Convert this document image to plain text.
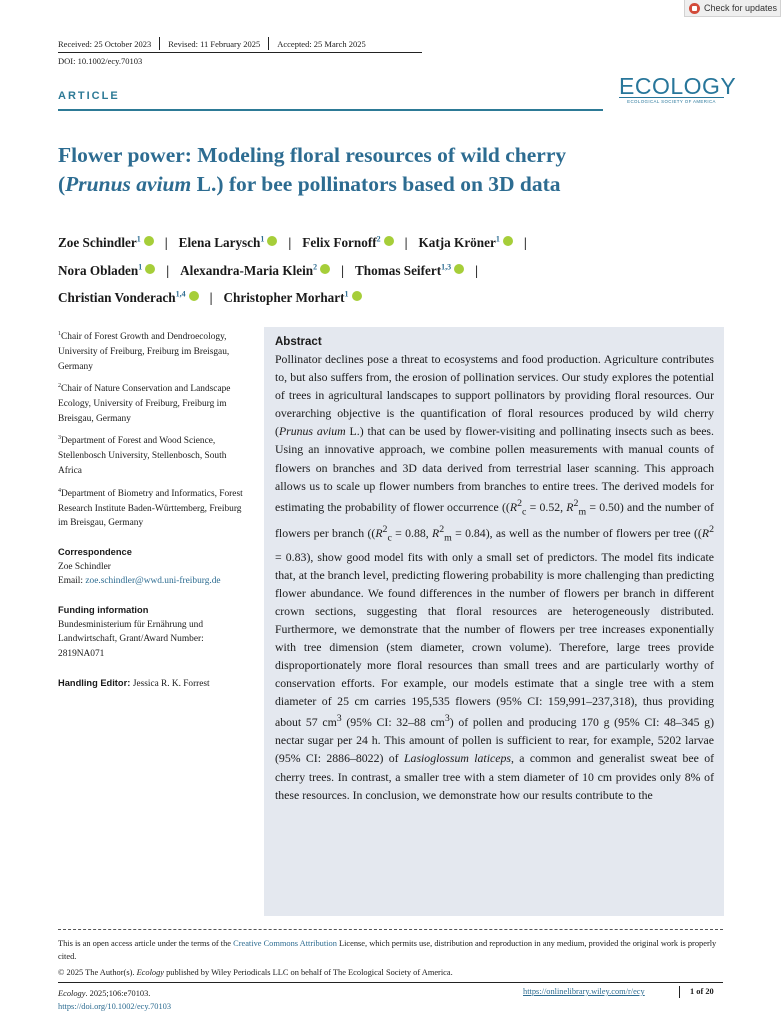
Check for updates
Received: 25 October 2023 Revised: 11 February 2025 Accepted: 25 March 2025
DOI: 10.1002/ecy.70103
ARTICLE	ECOLOGY
ECOLOGICAL SOCIETY OF AMERICA
Flower power: Modeling floral resources of wild cherry
(Prunus avium L.) for bee pollinators based on 3D data
Zoe Schindler$^1$ | Elena Larysch$^1$ | Felix Fornoff$^2$ | Katja Kröner$^1$ |
Nora Obladen$^1$ | Alexandra-Maria Klein$^2$ | Thomas Seifert$^{1,3}$ |
Christian Vonderach$^{1,4}$ | Christopher Morhart$^1$

$^1$Chair of Forest Growth and Dendroecology, University of Freiburg, Freiburg im Breisgau, Germany

$^2$Chair of Nature Conservation and Landscape Ecology, University of Freiburg, Freiburg im Breisgau, Germany

$^3$Department of Forest and Wood Science, Stellenbosch University, Stellenbosch, South Africa

$^4$Department of Biometry and Informatics, Forest Research Institute Baden-Württemberg, Freiburg im Breisgau, Germany

Correspondence
Zoe Schindler
Email: zoe.schindler@wwd.uni-freiburg.de
Funding information
Bundesministerium für Ernährung und Landwirtschaft, Grant/Award Number: 2819NA071
Handling Editor: Jessica R. K. Forrest
Abstract
Pollinator declines pose a threat to ecosystems and food production. Agriculture contributes to, but also suffers from, the erosion of pollination services. Our study explores the potential of trees in agricultural landscapes to support pollinators by providing floral resources. Our overarching objective is the quantification of floral resources produced by wild cherry (Prunus avium L.) that can be used by flower-visiting and pollinating insects such as bees. Using an innovative approach, we combine pollen measurements with manual counts of flowers on branches and 3D data derived from terrestrial laser scanning. This approach allows us to scale up flower numbers from branches to entire trees. The derived models for estimating the probability of flower occurrence (($R^2_c = 0.52$, $R^2_m = 0.50$) and the number of flowers per branch (($R^2_c = 0.88$, $R^2_m = 0.84$), as well as the number of flowers per tree ($(R^2 = 0.83)$, show good model fits with only a small set of predictors. The model fits indicate that, at the branch level, predicting flowering probability is more challenging than predicting flower abundance. We found differences in the number of flowers per branch in different crown sections, suggesting that floral resources are heterogeneously distributed. Furthermore, we demonstrate that the number of flowers per tree increases exponentially with tree dimension (stem diameter, crown volume). Therefore, large trees provide disproportionately more floral resources than small trees and are particularly worthy of conservation efforts. For example, our models estimate that a single tree with a stem diameter of 25 cm carries 195,535 flowers (95% CI: 159,991–237,318), thus providing about 57 $cm^3$ (95% CI: 32–88 $cm^3$) of pollen and producing 170 g (95% CI: 48–345 g) nectar sugar per 24 h. This amount of pollen is sufficient to rear, for example, 5202 larvae (95% CI: 2886–8022) of Lasioglossum laticeps, a common and generalist sweat bee of cherry trees. In contrast, a smaller tree with a stem diameter of 10 cm provides only 8% of these resources. In conclusion, we demonstrate how our results contribute to the

This is an open access article under the terms of the Creative Commons Attribution License, which permits use, distribution and reproduction in any medium, provided the original work is properly cited.

© 2025 The Author(s). Ecology published by Wiley Periodicals LLC on behalf of The Ecological Society of America.

Ecology. 2025;106:e70103.
https://doi.org/10.1002/ecy.70103
https://onlinelibrary.wiley.com/r/ecy	1 of 20
